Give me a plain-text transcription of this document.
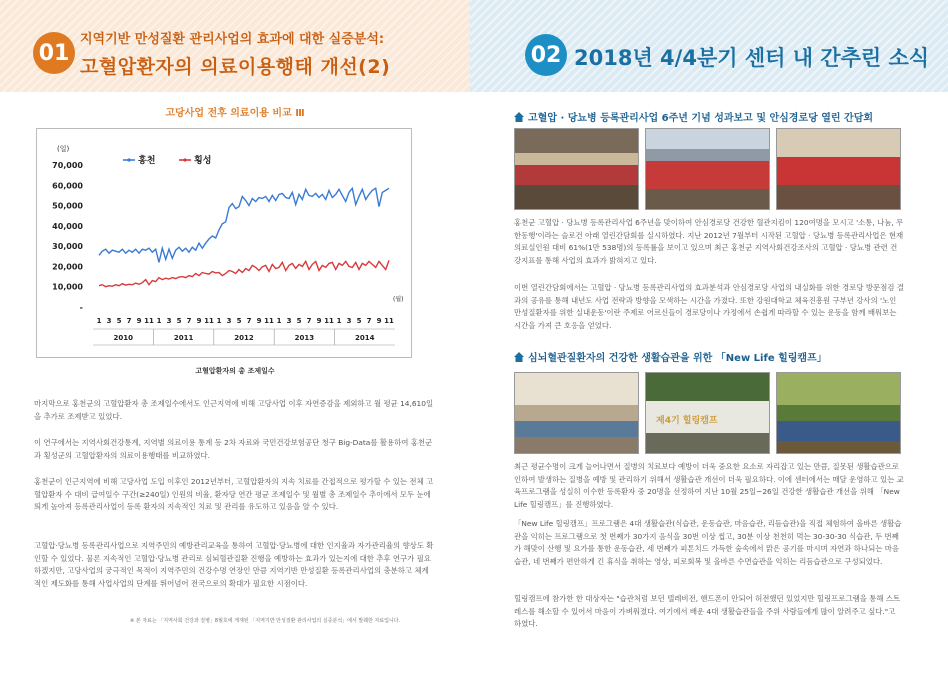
01
지역기반 만성질환 관리사업의 효과에 대한 실증분석:
고혈압환자의 의료이용행태 개선(2)	02 2018년 4/4분기 센터 내 간추린 소식
고당사업 전후 의료이용 비교 Ⅲ
(일)
70,000
60,000
50,000
40,000
30,000
20,000
10,000
-
(월)
1 3 5 7 9 11 1 3 5 7 9 11 1 3 5 7 9 11 1 3 5 7 9 11 1 3 5 7 9 11
2010	2011	2012	2013	2014
홍천	횡성
고혈압환자의 총 조제일수
마지막으로 홍천군의 고혈압환자 총 조제일수에서도 인근지역에 비해 고당사업 이후 자연증감을 제외하고 월 평균 14,610일을 추가로 조제받고 있었다.
이 연구에서는 지역사회건강통계, 지역별 의료이용 통계 등 2차 자료와 국민건강보험공단 청구 Big-Data를 활용하여 홍천군과 횡성군의 고혈압환자의 의료이용행태를 비교하였다.
홍천군이 인근지역에 비해 고당사업 도입 이후인 2012년부터, 고혈압환자의 지속 치료를 간접적으로 평가할 수 있는 전체 고혈압환자 수 대비 급여일수 구간(≥240일) 인원의 비율, 환자당 연간 평균 조제일수 및 월별 총 조제일수 추이에서 모두 눈에 띄게 높아져 등록관리사업이 등록 환자의 지속적인 치료 및 관리를 유도하고 있음을 알 수 있다.
고혈압·당뇨병 등록관리사업으로 지역주민의 예방관리교육을 통하여 고혈압·당뇨병에 대한 인지율과 자가관리율의 향상도 확인할 수 있었다. 물론 지속적인 고혈압·당뇨병 관리로 심뇌혈관질환 진행을 예방하는 효과가 있는지에 대한 추후 연구가 필요하겠지만, 고당사업의 궁극적인 목적이 지역주민의 건강수명 연장인 만큼 지역기반 만성질환 등록관리사업의 충분하고 체계적인 제도화를 통해 사업사업의 단계를 뛰어넘어 전국으로의 확대가 필요한 시점이다.
※ 본 자료는 「지역사회 건강과 질병」8월호에 게재된 「지역기반 만성질환 관리사업의 실증분석」에서 발췌한 자료입니다.
고혈압 · 당뇨병 등록관리사업 6주년 기념 성과보고 및 안심경로당 열린 간담회
홍천군 고혈압 · 당뇨병 등록관리사업 6주년을 맞이하여 안심경로당 건강한 혈관지킴이 120여명을 모시고 '소통, 나눔, 무한동행'이라는 슬로건 아래 열린간담회를 실시하였다. 지난 2012년 7월부터 시작된 고혈압 · 당뇨병 등록관리사업은 현재 의료실인원 대비 61%(1만 538명)의 등록률을 보이고 있으며 최근 홍천군 지역사회건강조사의 고혈압 · 당뇨병 관련 건강지표를 통해 사업의 효과가 밝혀지고 있다.
이번 열린간담회에서는 고혈압 · 당뇨병 등록관리사업의 효과분석과 안심경로당 사업의 내실화를 위한 경로당 방문점검 결과의 공유를 통해 내년도 사업 전략과 방향을 모색하는 시간을 가졌다. 또한 강원대학교 체육진흥원 구부년 강사의 '노인 만성질환자를 위한 실내운동'이란 주제로 어르신들이 경로당이나 가정에서 손쉽게 따라할 수 있는 운동을 함께 배워보는 시간을 가져 큰 호응을 얻었다.
심뇌혈관질환자의 건강한 생활습관을 위한 「New Life 힐링캠프」
제4기 힐링캠프
최근 평균수명이 크게 늘어나면서 질병의 치료보다 예방이 더욱 중요한 요소로 자리잡고 있는 만큼, 질못된 생활습관으로 인하여 발생하는 질병을 예방 및 관리하기 위해서 생활습관 개선이 더욱 필요하다. 이에 센터에서는 매달 운영하고 있는 교육프로그램을 성실히 이수한 등록환자 중 20명을 선정하여 지난 10월 25일~26일 건강한 생활습관 개선을 위해 「New Life 힐링캠프」를 진행하였다.
「New Life 힐링캠프」프로그램은 4대 생활습관(식습관, 운동습관, 마음습관, 리듬습관)을 직접 체험하여 올바른 생활습관을 익히는 프로그램으로 첫 번째가 30가지 음식을 30번 이상 씹고, 30분 이상 천천히 먹는 30-30-30 식습관, 두 번째가 해맞이 산행 및 요가를 통한 운동습관, 세 번째가 피톤치드 가득한 숲속에서 맑은 공기를 마시며 자연과 하나되는 마음습관, 네 번째가 편안하게 긴 휴식을 취하는 영상, 피로회복 및 올바른 수면습관을 익히는 리듬습관으로 구성되었다.
힐링캠프에 참가한 한 대상자는 "습관처럼 보던 텔레비전, 핸드폰이 안되어 허전했던 있었지만 힐링프로그램을 통해 스트레스를 해소할 수 있어서 마음이 가벼워졌다. 여기에서 배운 4대 생활습관들을 주위 사람들에게 많이 알려주고 싶다."고 하였다.
